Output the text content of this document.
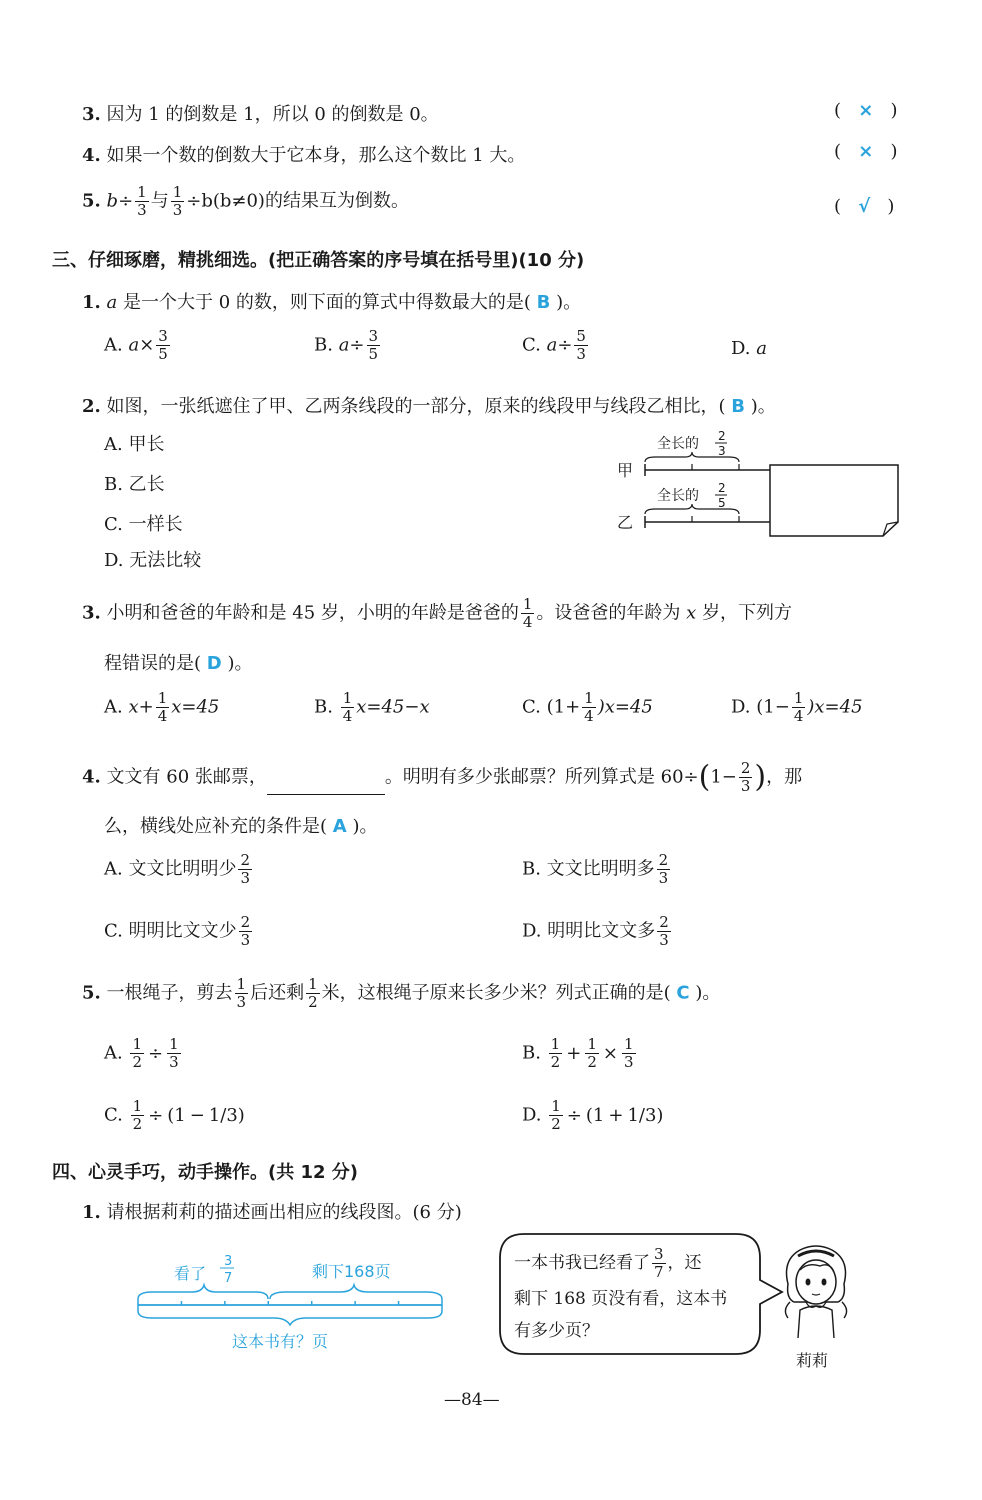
3. 因为 1 的倒数是 1，所以 0 的倒数是 0。	(   ×   )
4. 如果一个数的倒数大于它本身，那么这个数比 1 大。	(   ×   )
5. $b\div \frac{1}{3}$ 与 $\frac{1}{3} \div b(b\ne 0)$的结果互为倒数。	(   √   )
三、仔细琢磨，精挑细选。(把正确答案的序号填在括号里)(10 分)
1. a 是一个大于 0 的数，则下面的算式中得数最大的是( B )。
A. $a\times \frac{3}{5}$	B. $a\div \frac{3}{5}$	C. $a\div \frac{5}{3}$	D. a
2. 如图，一张纸遮住了甲、乙两条线段的一部分，原来的线段甲与线段乙相比，( B )。
A. 甲长
B. 乙长
C. 一样长
D. 无法比较
甲
全长的 2
3
乙
全长的 2
5
3. 小明和爸爸的年龄和是 45 岁，小明的年龄是爸爸的 $\frac{1}{4}$ 。设爸爸的年龄为 x 岁，下列方
程错误的是( D )。
A. $x+ \frac{1}{4} x=45$	B. $\frac{1}{4} x=45-x$	C. $(1+ \frac{1}{4} )x=45$	D. $(1- \frac{1}{4} )x=45$
4. 文文有 60 张邮票，	。明明有多少张邮票？所列算式是 $60\div(1- \frac{2}{3}$ )，那
么，横线处应补充的条件是( A )。
A. 文文比明明少 $\frac{2}{3}$	B. 文文比明明多 $\frac{2}{3}$
C. 明明比文文少 $\frac{2}{3}$	D. 明明比文文多 $\frac{2}{3}$
5. 一根绳子，剪去 $\frac{1}{3}$ 后还剩 $\frac{1}{2}$ 米，这根绳子原来长多少米？列式正确的是( C )。
A. $\frac{1}{2} \div \frac{1}{3}$	B. $\frac{1}{2} + \frac{1}{2} \times \frac{1}{3}$
C. $\frac{1}{2} \div (1 - 1/3)$	D. $\frac{1}{2} \div (1 + 1/3)$
四、心灵手巧，动手操作。(共 12 分)
1. 请根据莉莉的描述画出相应的线段图。(6 分)
看了
3
7	剩下168页
这本书有？页
一本书我已经看了 $\frac{3}{7}$ ，还
剩下 168 页没有看，这本书
有多少页？
莉莉
—84—
